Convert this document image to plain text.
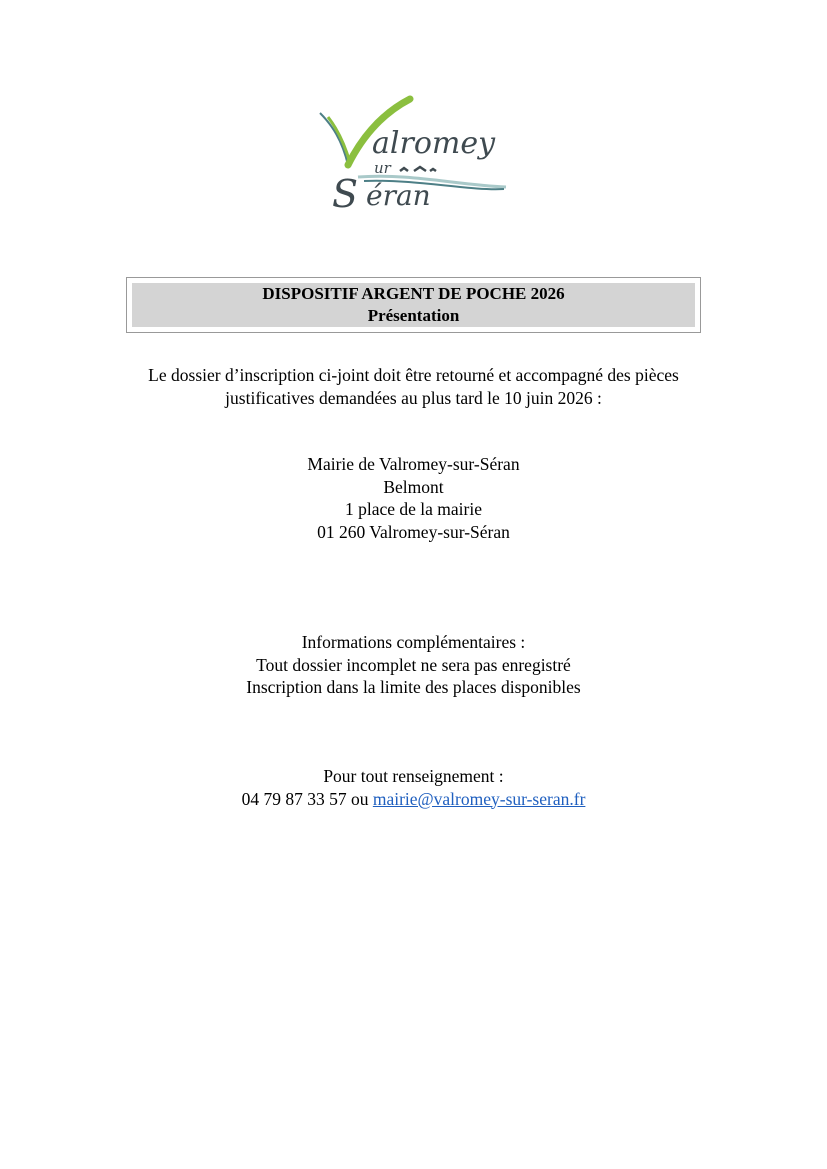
alromey
ur
S éran
DISPOSITIF ARGENT DE POCHE 2026
Présentation
Le dossier d’inscription ci-joint doit être retourné et accompagné des pièces
justificatives demandées au plus tard le 10 juin 2026 :
Mairie de Valromey-sur-Séran
Belmont
1 place de la mairie
01 260 Valromey-sur-Séran
Informations complémentaires :
Tout dossier incomplet ne sera pas enregistré
Inscription dans la limite des places disponibles
Pour tout renseignement :
04 79 87 33 57 ou mairie@valromey-sur-seran.fr
